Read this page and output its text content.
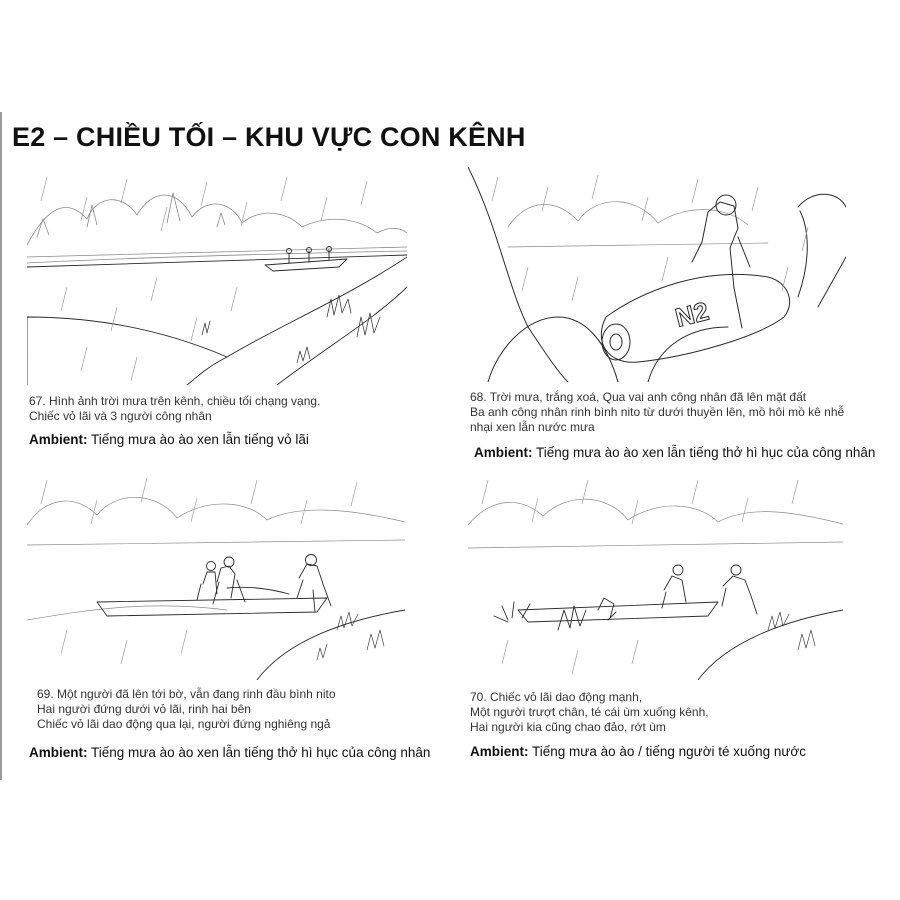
E2 – CHIỀU TỐI – KHU VỰC CON KÊNH
67. Hình ảnh trời mưa trên kênh, chiều tối chạng vạng.
Chiếc vỏ lãi và 3 người công nhân
Ambient: Tiếng mưa ào ào xen lẫn tiếng vỏ lãi
N2
68. Trời mưa, trắng xoá, Qua vai anh công nhân đã lên mặt đất
Ba anh công nhân rinh bình nito từ dưới thuyền lên, mồ hôi mồ kê nhễ
nhại xen lẫn nước mưa
Ambient: Tiếng mưa ào ào xen lẫn tiếng thở hì hục của công nhân
69. Một người đã lên tới bờ, vẫn đang rinh đầu bình nito
Hai người đứng dưới vỏ lãi, rinh hai bên
Chiếc vỏ lãi dao động qua lại, người đứng nghiêng ngả
Ambient: Tiếng mưa ào ào xen lẫn tiếng thở hì hục của công nhân
70. Chiếc vỏ lãi dao động mạnh,
Một người trượt chân, té cái ùm xuống kênh,
Hai người kia cũng chao đảo, rớt ùm
Ambient: Tiếng mưa ào ào / tiếng người té xuống nước
